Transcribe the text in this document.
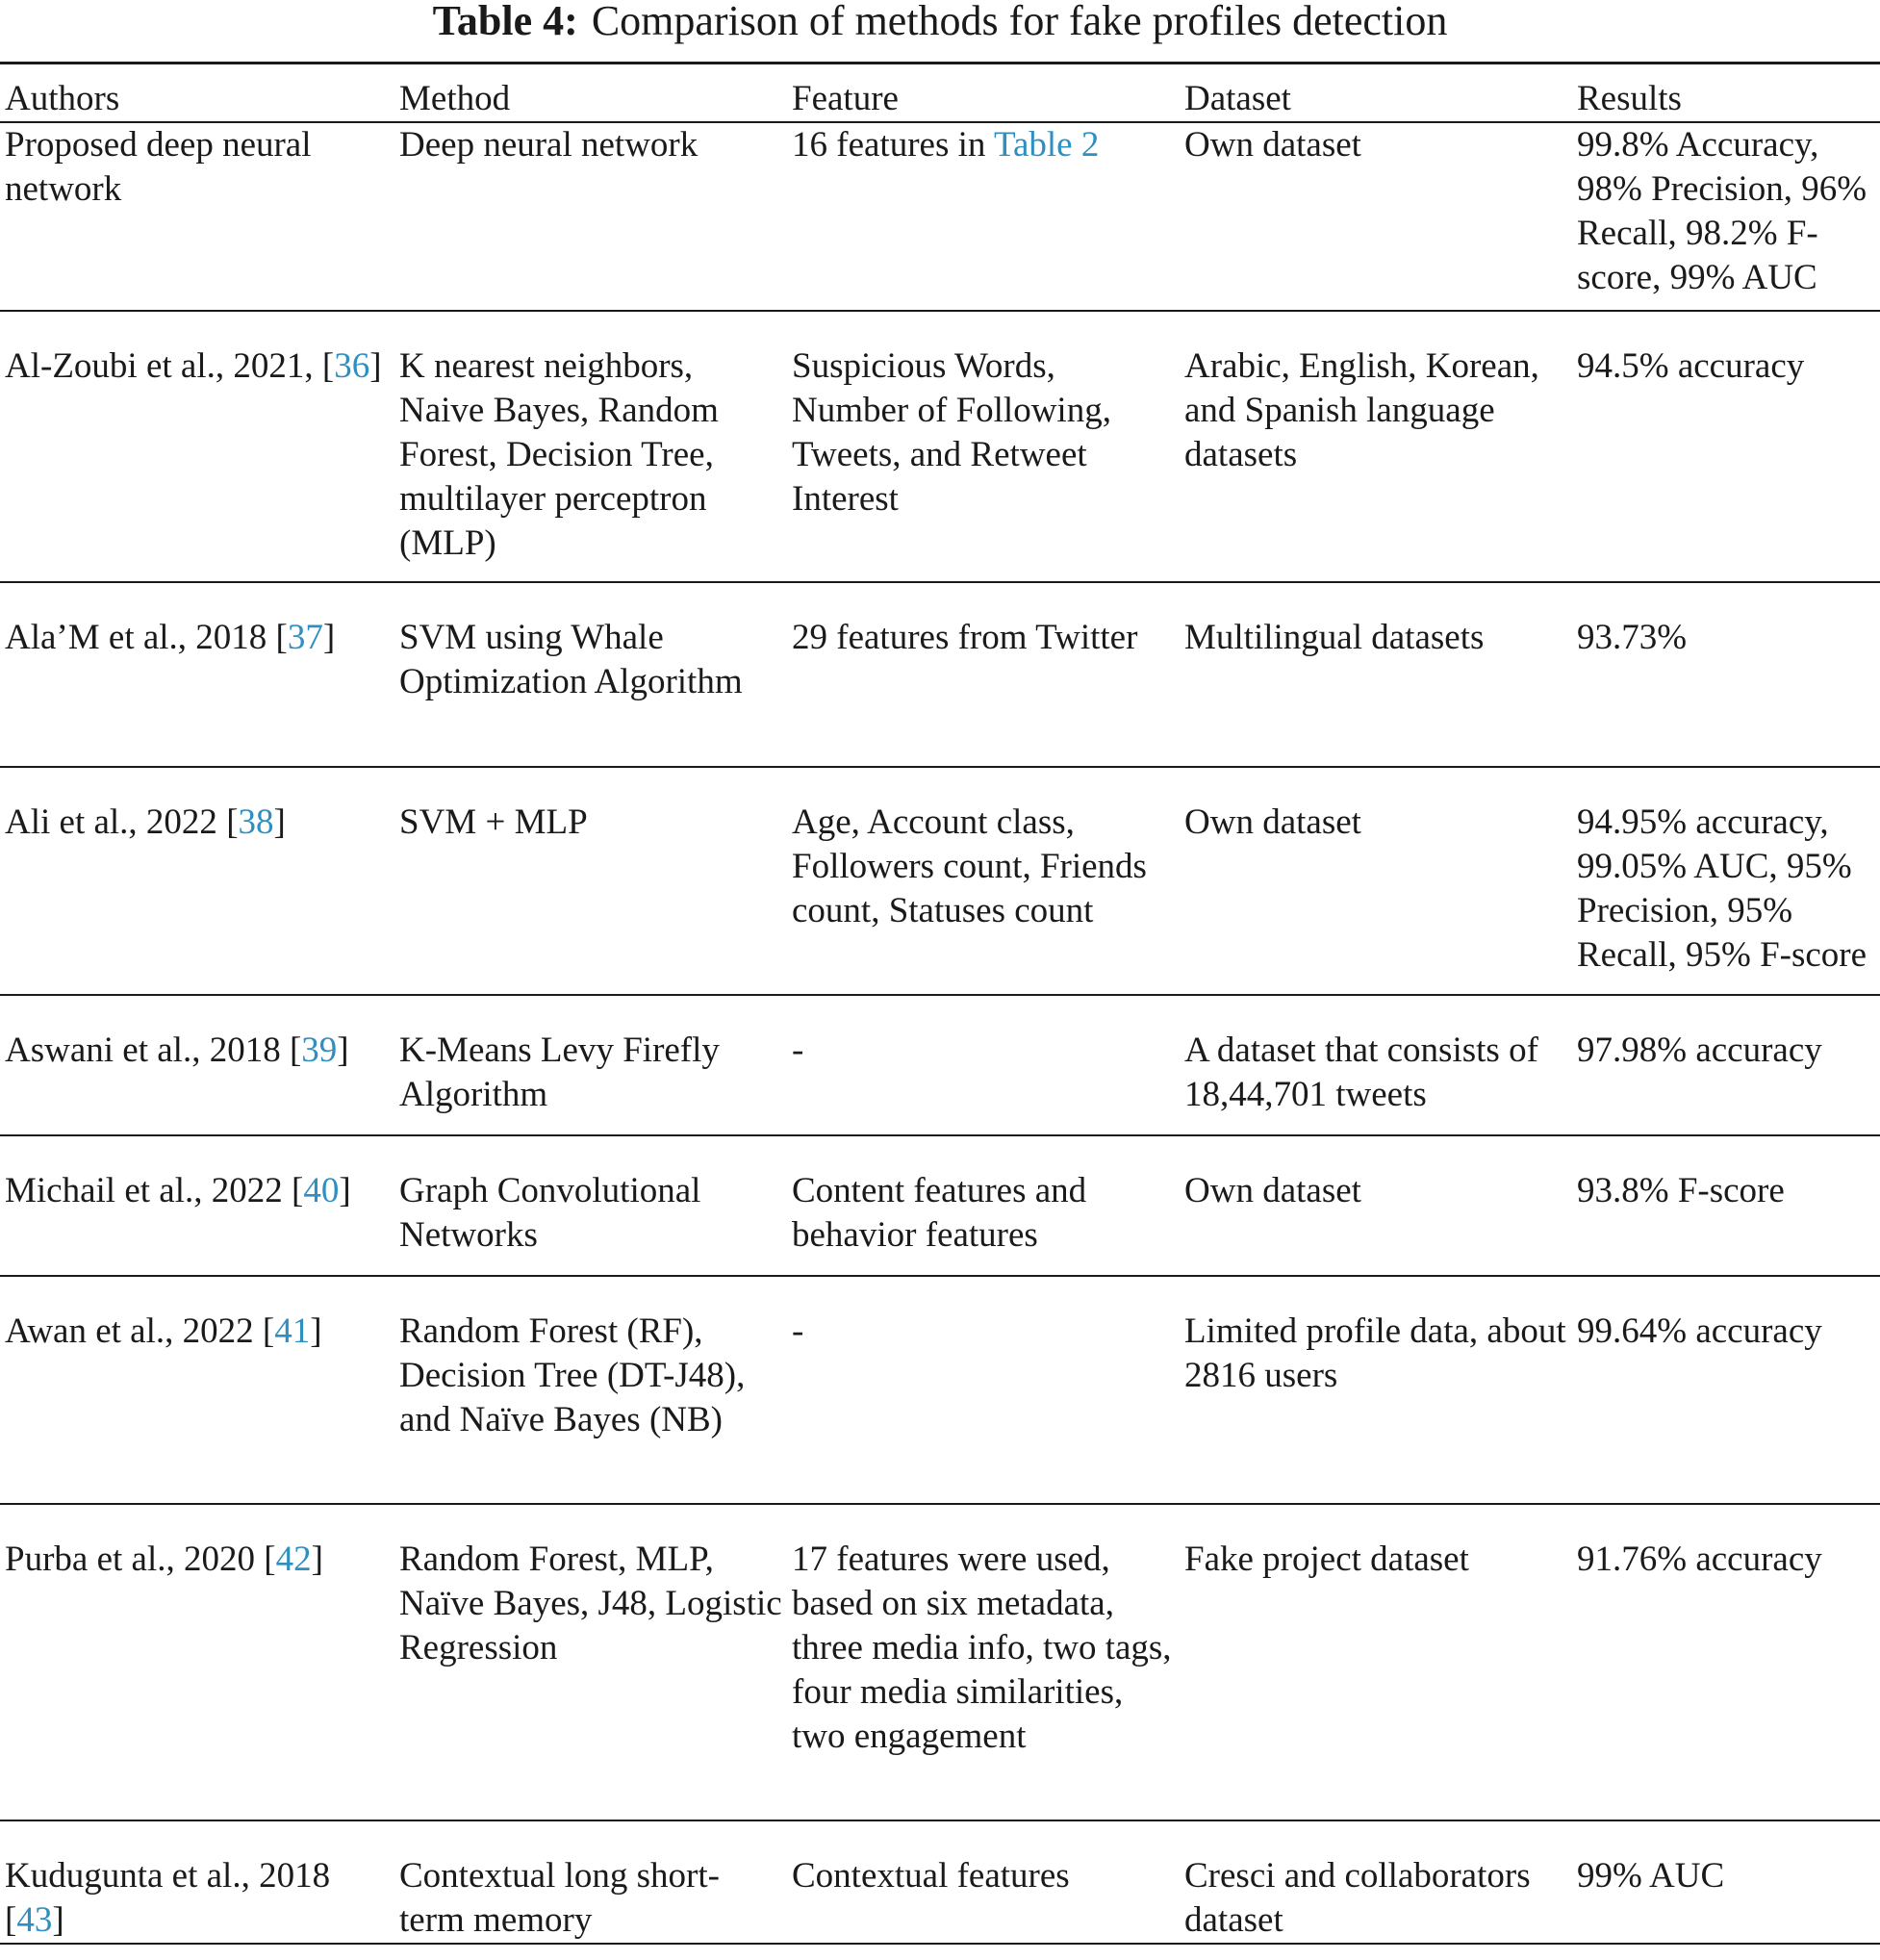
Table 4: Comparison of methods for fake profiles detection
Authors	Method	Feature	Dataset	Results
Proposed deep neural network	Deep neural network	16 features in Table 2	Own dataset	99.8% Accuracy, 98% Precision, 96% Recall, 98.2% F-score, 99% AUC
Al-Zoubi et al., 2021, [36]	K nearest neighbors, Naive Bayes, Random Forest, Decision Tree, multilayer perceptron (MLP)	Suspicious Words, Number of Following, Tweets, and Retweet Interest	Arabic, English, Korean, and Spanish language datasets	94.5% accuracy
Ala’M et al., 2018 [37]	SVM using Whale Optimization Algorithm	29 features from Twitter	Multilingual datasets	93.73%
Ali et al., 2022 [38]	SVM + MLP	Age, Account class, Followers count, Friends count, Statuses count	Own dataset	94.95% accuracy, 99.05% AUC, 95% Precision, 95% Recall, 95% F-score
Aswani et al., 2018 [39]	K-Means Levy Firefly Algorithm	-	A dataset that consists of 18,44,701 tweets	97.98% accuracy
Michail et al., 2022 [40]	Graph Convolutional Networks	Content features and behavior features	Own dataset	93.8% F-score
Awan et al., 2022 [41]	Random Forest (RF), Decision Tree (DT-J48), and Naïve Bayes (NB)	-	Limited profile data, about 2816 users	99.64% accuracy
Purba et al., 2020 [42]	Random Forest, MLP, Naïve Bayes, J48, Logistic Regression	17 features were used, based on six metadata, three media info, two tags, four media similarities, two engagement	Fake project dataset	91.76% accuracy
Kudugunta et al., 2018 [43]	Contextual long short-term memory	Contextual features	Cresci and collaborators dataset	99% AUC
